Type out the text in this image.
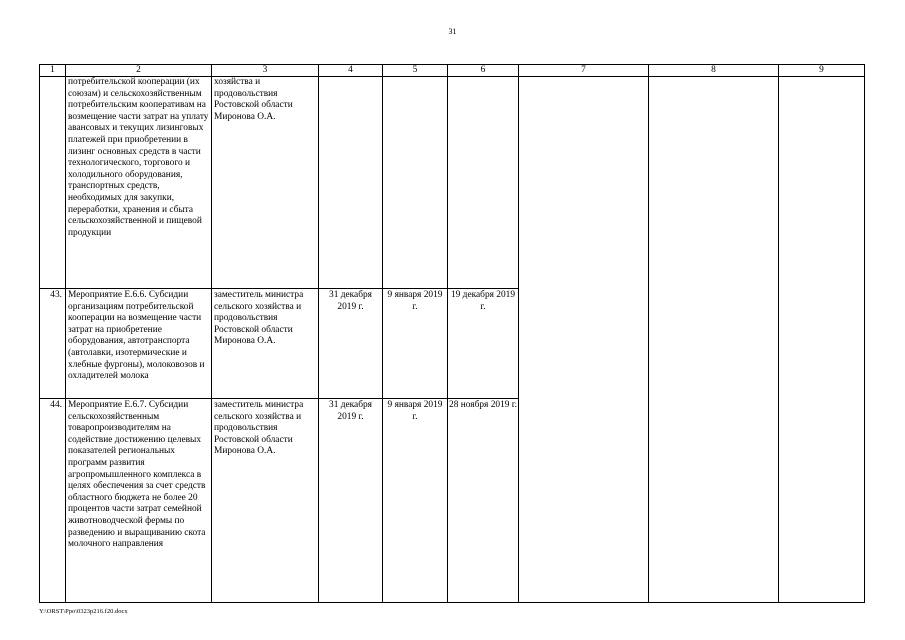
31
1	2	3	4	5	6	7	8	9
	потребительской кооперации (их союзам) и сельскохозяйственным потребительским кооперативам на возмещение части затрат на уплату авансовых и текущих лизинговых платежей при приобретении в лизинг основных средств в части технологического, торгового и холодильного оборудования, транспортных средств, необходимых для закупки, переработки, хранения и сбыта сельскохозяйственной и пищевой продукции	хозяйства и продовольствия Ростовской области Миронова О.А.						
43.	Мероприятие Е.6.6. Субсидии организациям потребительской кооперации на возмещение части затрат на приобретение оборудования, автотранспорта (автолавки, изотермические и хлебные фургоны), молоковозов и охладителей молока	заместитель министра сельского хозяйства и продовольствия Ростовской области Миронова О.А.	31 декабря 2019 г.	9 января 2019 г.	19 декабря 2019 г.			
44.	Мероприятие Е.6.7. Субсидии сельскохозяйственным товаропроизводителям на содействие достижению целевых показателей региональных программ развития агропромышленного комплекса в целях обеспечения за счет средств областного бюджета не более 20 процентов части затрат семейной животноводческой фермы по разведению и выращиванию скота молочного направления	заместитель министра сельского хозяйства и продовольствия Ростовской области Миронова О.А.	31 декабря 2019 г.	9 января 2019 г.	28 ноября 2019 г.			
Y:\ORST\Ppo\0323p216.f20.docx
